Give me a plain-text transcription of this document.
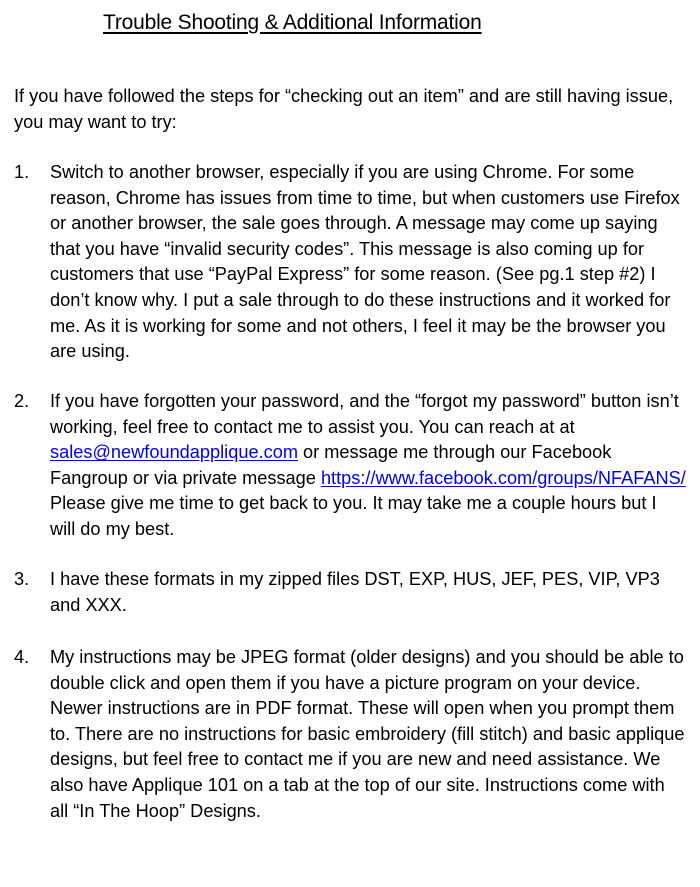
Trouble Shooting & Additional Information
If you have followed the steps for “checking out an item” and are still having issue, you may want to try:
1.	Switch to another browser, especially if you are using Chrome. For some reason, Chrome has issues from time to time, but when customers use Firefox or another browser, the sale goes through. A message may come up saying that you have “invalid security codes”. This message is also coming up for customers that use “PayPal Express” for some reason. (See pg.1 step #2) I don’t know why. I put a sale through to do these instructions and it worked for me. As it is working for some and not others, I feel it may be the browser you are using.
2.	If you have forgotten your password, and the “forgot my password” button isn’t working, feel free to contact me to assist you. You can reach at at sales@newfoundapplique.com or message me through our Facebook Fangroup or via private message https://www.facebook.com/groups/NFAFANS/ Please give me time to get back to you. It may take me a couple hours but I will do my best.
3.	I have these formats in my zipped files DST, EXP, HUS, JEF, PES, VIP, VP3 and XXX.
4.	My instructions may be JPEG format (older designs) and you should be able to double click and open them if you have a picture program on your device. Newer instructions are in PDF format. These will open when you prompt them to. There are no instructions for basic embroidery (fill stitch) and basic applique designs, but feel free to contact me if you are new and need assistance. We also have Applique 101 on a tab at the top of our site. Instructions come with all “In The Hoop” Designs.
